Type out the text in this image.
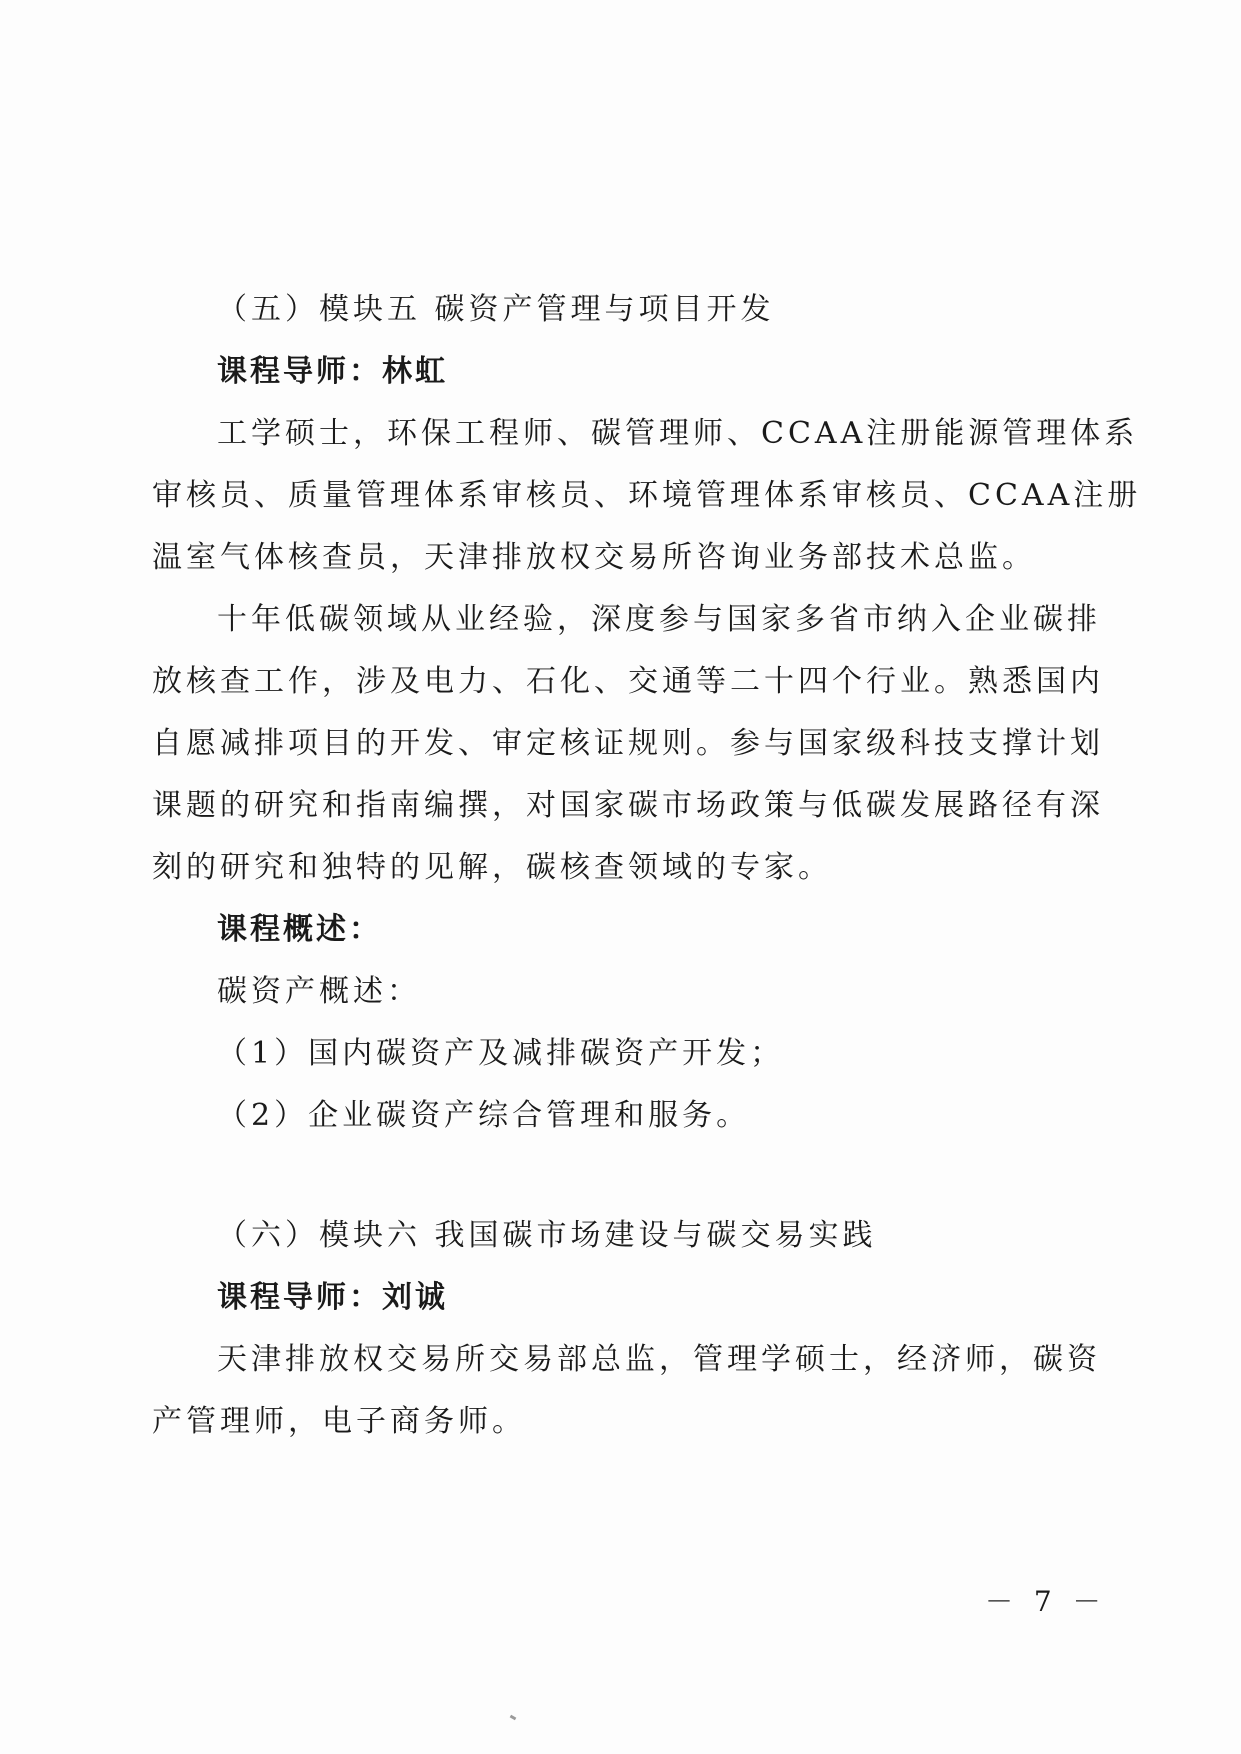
（五）模块五 碳资产管理与项目开发
课程导师：林虹
工学硕士，环保工程师、碳管理师、CCAA注册能源管理体系
审核员、质量管理体系审核员、环境管理体系审核员、CCAA注册
温室气体核查员，天津排放权交易所咨询业务部技术总监。
十年低碳领域从业经验，深度参与国家多省市纳入企业碳排
放核查工作，涉及电力、石化、交通等二十四个行业。熟悉国内
自愿减排项目的开发、审定核证规则。参与国家级科技支撑计划
课题的研究和指南编撰，对国家碳市场政策与低碳发展路径有深
刻的研究和独特的见解，碳核查领域的专家。
课程概述：
碳资产概述：
（1）国内碳资产及减排碳资产开发；
（2）企业碳资产综合管理和服务。
（六）模块六 我国碳市场建设与碳交易实践
课程导师：刘诚
天津排放权交易所交易部总监，管理学硕士，经济师，碳资
产管理师，电子商务师。
－ 7 －
